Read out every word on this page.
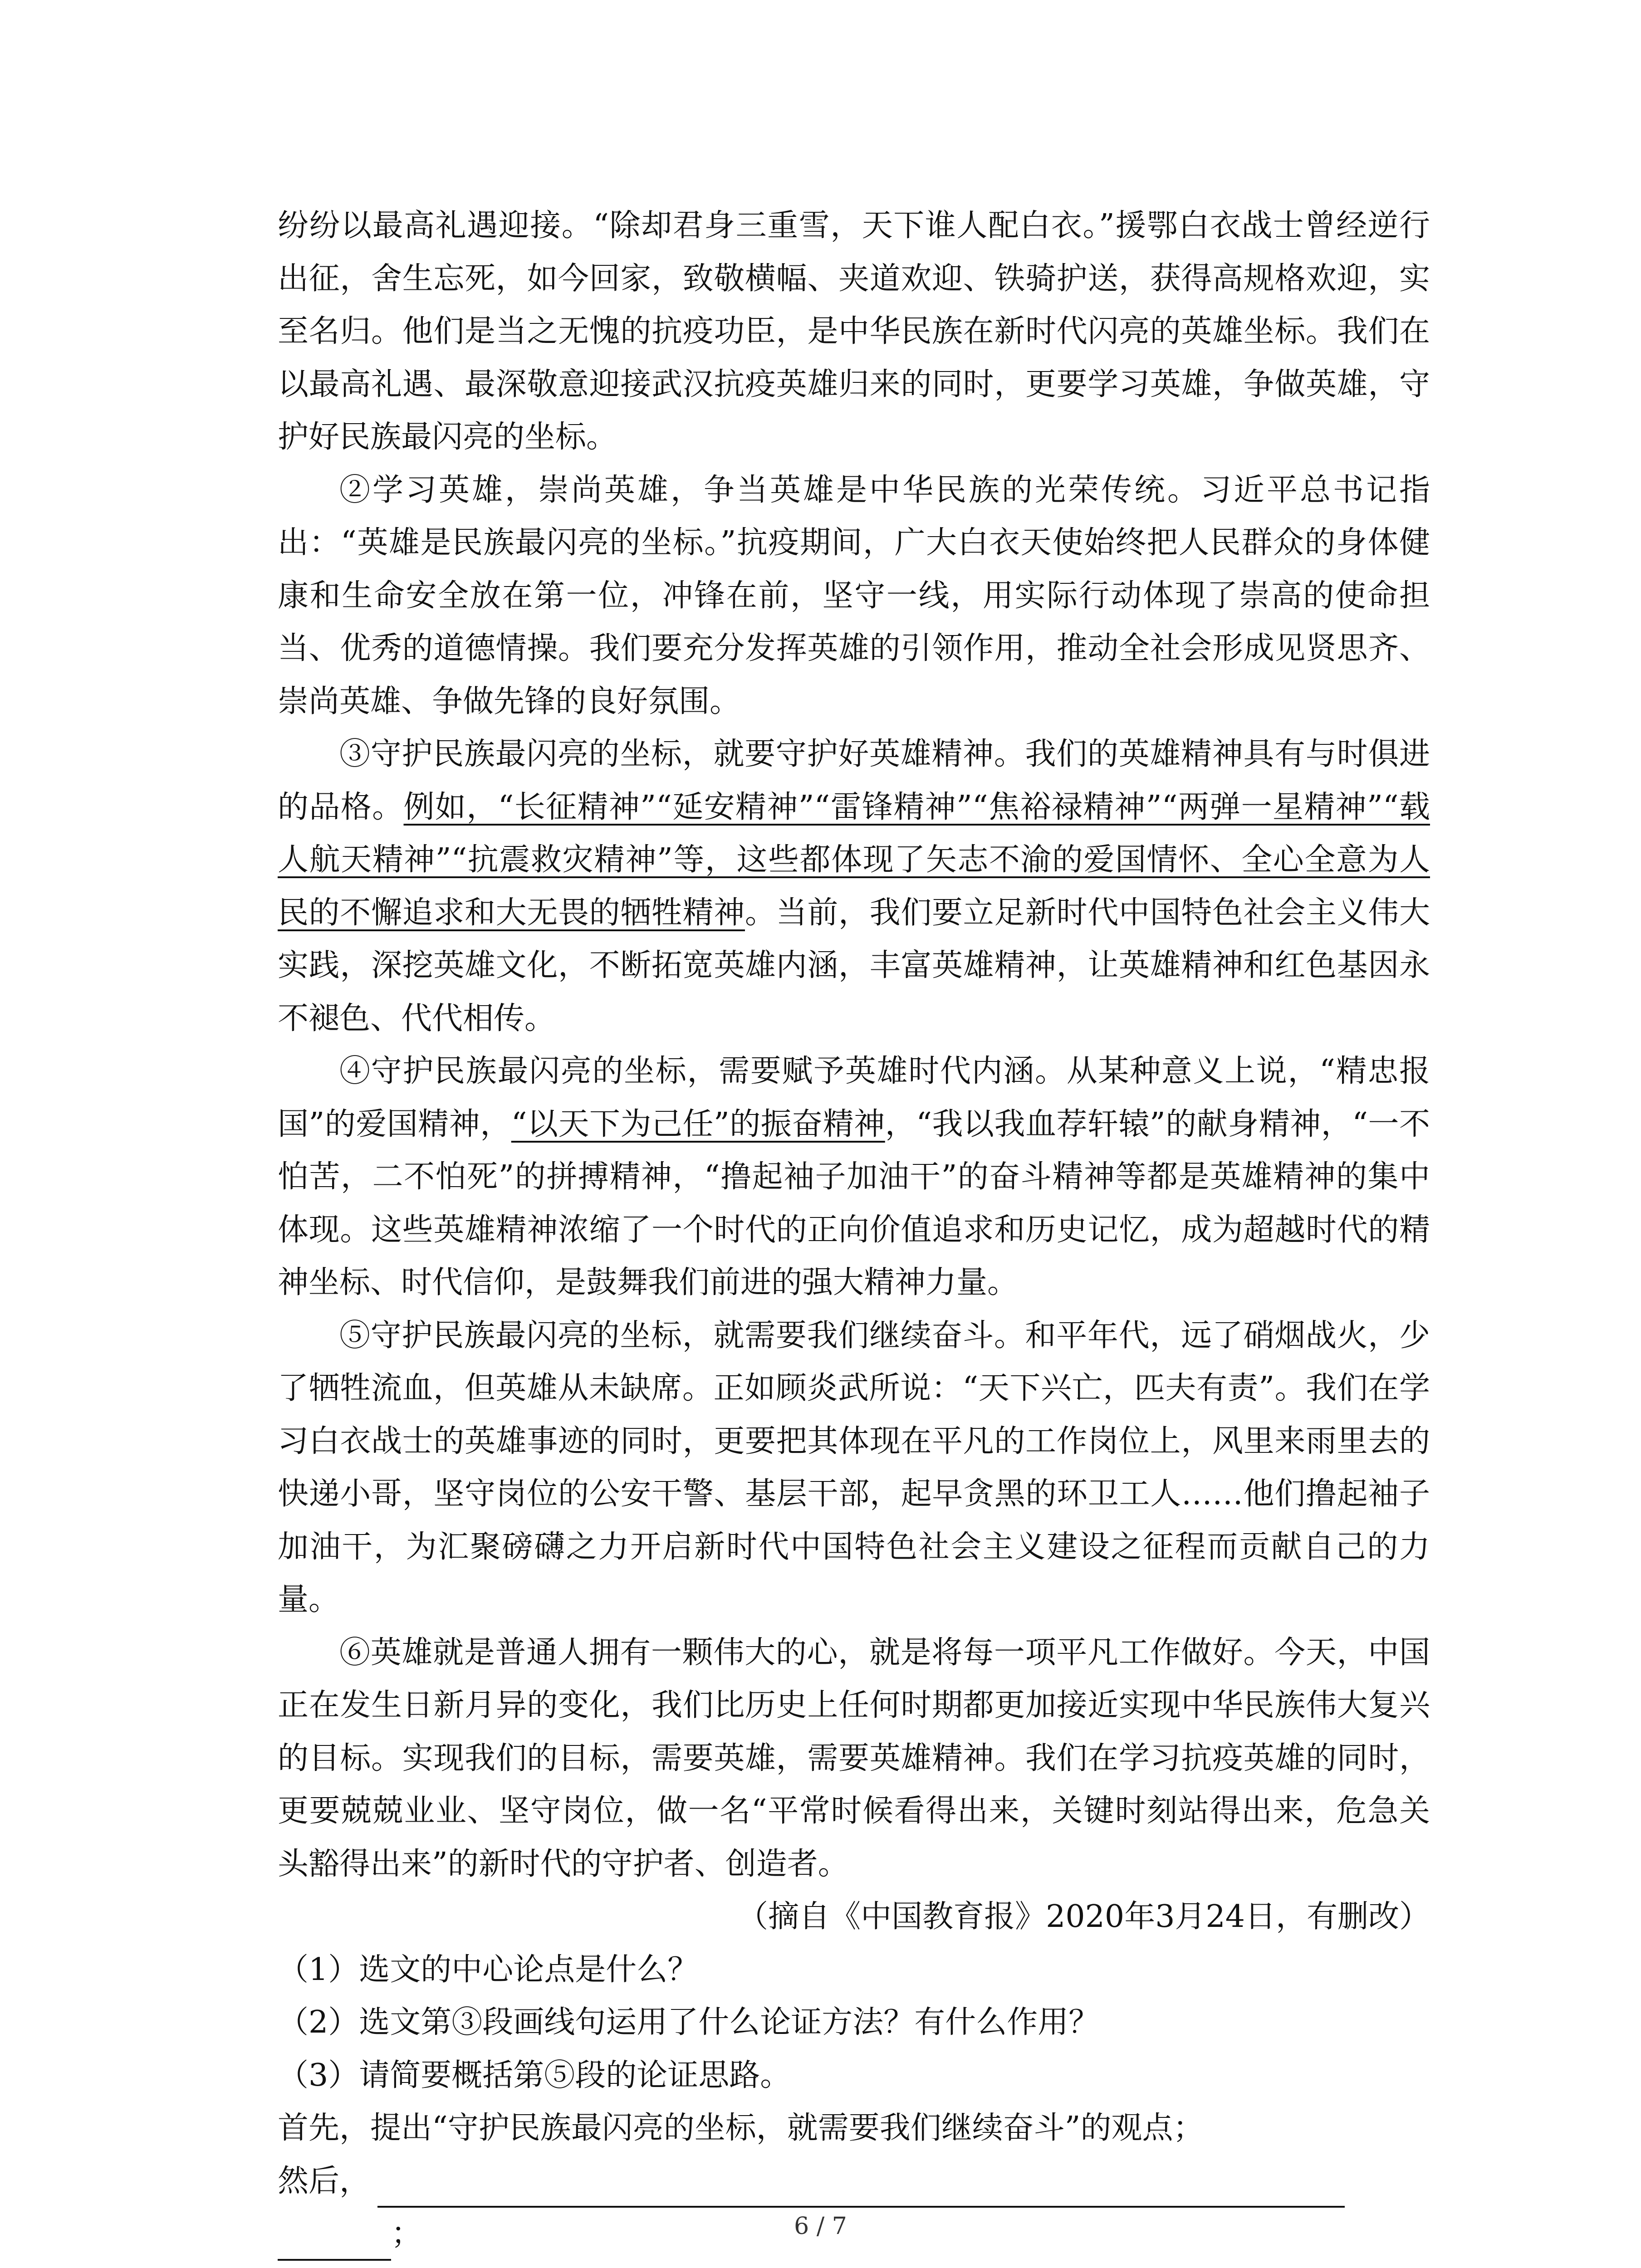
纷纷以最高礼遇迎接。“除却君身三重雪，天下谁人配白衣。”援鄂白衣战士曾经逆行出征，舍生忘死，如今回家，致敬横幅、夹道欢迎、铁骑护送，获得高规格欢迎，实至名归。他们是当之无愧的抗疫功臣，是中华民族在新时代闪亮的英雄坐标。我们在以最高礼遇、最深敬意迎接武汉抗疫英雄归来的同时，更要学习英雄，争做英雄，守护好民族最闪亮的坐标。

②学习英雄，崇尚英雄，争当英雄是中华民族的光荣传统。习近平总书记指出：“英雄是民族最闪亮的坐标。”抗疫期间，广大白衣天使始终把人民群众的身体健康和生命安全放在第一位，冲锋在前，坚守一线，用实际行动体现了崇高的使命担当、优秀的道德情操。我们要充分发挥英雄的引领作用，推动全社会形成见贤思齐、崇尚英雄、争做先锋的良好氛围。

③守护民族最闪亮的坐标，就要守护好英雄精神。我们的英雄精神具有与时俱进的品格。例如，“长征精神”“延安精神”“雷锋精神”“焦裕禄精神”“两弹一星精神”“载人航天精神”“抗震救灾精神”等，这些都体现了矢志不渝的爱国情怀、全心全意为人民的不懈追求和大无畏的牺牲精神。当前，我们要立足新时代中国特色社会主义伟大实践，深挖英雄文化，不断拓宽英雄内涵，丰富英雄精神，让英雄精神和红色基因永不褪色、代代相传。

④守护民族最闪亮的坐标，需要赋予英雄时代内涵。从某种意义上说，“精忠报国”的爱国精神，“以天下为己任”的振奋精神，“我以我血荐轩辕”的献身精神，“一不怕苦，二不怕死”的拼搏精神，“撸起袖子加油干”的奋斗精神等都是英雄精神的集中体现。这些英雄精神浓缩了一个时代的正向价值追求和历史记忆，成为超越时代的精神坐标、时代信仰，是鼓舞我们前进的强大精神力量。

⑤守护民族最闪亮的坐标，就需要我们继续奋斗。和平年代，远了硝烟战火，少了牺牲流血，但英雄从未缺席。正如顾炎武所说：“天下兴亡，匹夫有责”。我们在学习白衣战士的英雄事迹的同时，更要把其体现在平凡的工作岗位上，风里来雨里去的快递小哥，坚守岗位的公安干警、基层干部，起早贪黑的环卫工人……他们撸起袖子加油干，为汇聚磅礴之力开启新时代中国特色社会主义建设之征程而贡献自己的力量。

⑥英雄就是普通人拥有一颗伟大的心，就是将每一项平凡工作做好。今天，中国正在发生日新月异的变化，我们比历史上任何时期都更加接近实现中华民族伟大复兴的目标。实现我们的目标，需要英雄，需要英雄精神。我们在学习抗疫英雄的同时，更要兢兢业业、坚守岗位，做一名“平常时候看得出来，关键时刻站得出来，危急关头豁得出来”的新时代的守护者、创造者。

（摘自《中国教育报》2020年3月24日，有删改）

（1）选文的中心论点是什么？

（2）选文第③段画线句运用了什么论证方法？有什么作用？

（3）请简要概括第⑤段的论证思路。

首先，提出“守护民族最闪亮的坐标，就需要我们继续奋斗”的观点；

然后，

；	6 / 7
